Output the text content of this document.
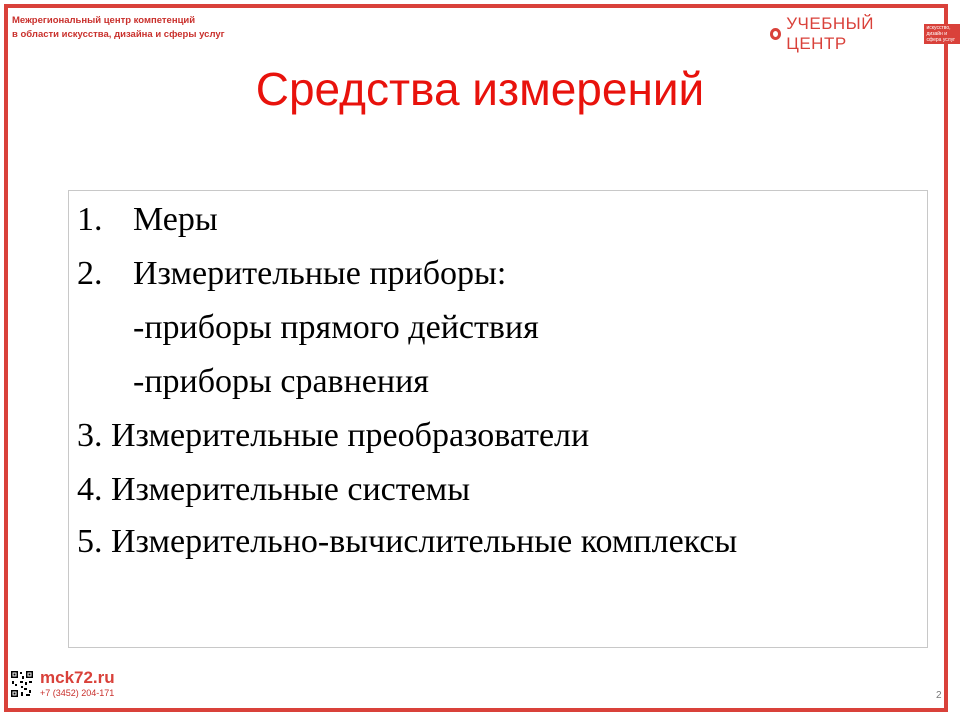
Межрегиональный центр компетенций
в области искусства, дизайна и сферы услуг
УЧЕБНЫЙ ЦЕНТР
искусство, дизайн и сфера услуг
Средства измерений
1. Меры
2. Измерительные приборы:
-приборы прямого действия
-приборы сравнения
3. Измерительные преобразователи
4. Измерительные системы
5. Измерительно-вычислительные комплексы
mck72.ru
+7 (3452) 204-171	2
